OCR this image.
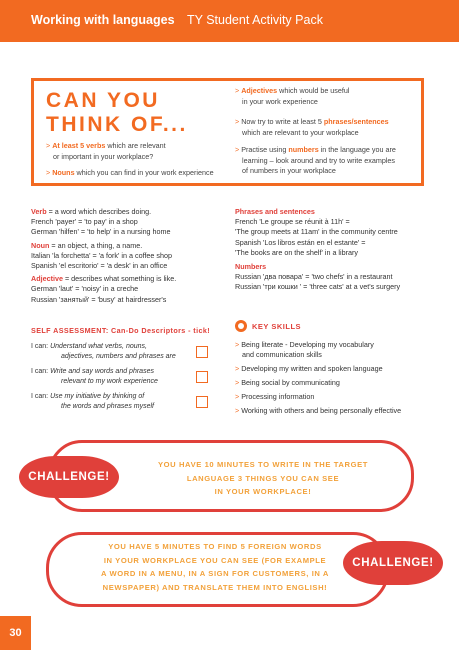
Working with languages TY Student Activity Pack
CAN YOU
THINK OF...
> At least 5 verbs which are relevant
or important in your workplace?
> Nouns which you can find in your work experience
> Adjectives which would be useful
in your work experience
> Now try to write at least 5 phrases/sentences
which are relevant to your workplace
> Practise using numbers in the language you are
learning – look around and try to write examples
of numbers in your workplace
Verb = a word which describes doing.
French 'payer' = 'to pay' in a shop
German 'hilfen' = 'to help' in a nursing home
Noun = an object, a thing, a name.
Italian 'la forchetta' = 'a fork' in a coffee shop
Spanish 'el escritorio' = 'a desk' in an office
Adjective = describes what something is like.
German 'laut' = 'noisy' in a creche
Russian 'занятый' = 'busy' at hairdresser's
Phrases and sentences
French 'Le groupe se réunit à 11h' =
'The group meets at 11am' in the community centre
Spanish 'Los libros están en el estante' =
'The books are on the shelf' in a library
Numbers
Russian 'два повара' = 'two chefs' in a restaurant
Russian 'три кошки ' = 'three cats' at a vet's surgery
SELF ASSESSMENT: Can-Do Descriptors - tick!
I can: Understand what verbs, nouns,
adjectives, numbers and phrases are
I can: Write and say words and phrases
relevant to my work experience
I can: Use my initiative by thinking of
the words and phrases myself
KEY SKILLS
> Being literate - Developing my vocabulary
and communication skills
> Developing my written and spoken language
> Being social by communicating
> Processing information
> Working with others and being personally effective
YOU HAVE 10 MINUTES TO WRITE IN THE TARGET
LANGUAGE 3 THINGS YOU CAN SEE
IN YOUR WORKPLACE!
CHALLENGE!
YOU HAVE 5 MINUTES TO FIND 5 FOREIGN WORDS
IN YOUR WORKPLACE YOU CAN SEE (FOR EXAMPLE
A WORD IN A MENU, IN A SIGN FOR CUSTOMERS, IN A
NEWSPAPER) AND TRANSLATE THEM INTO ENGLISH!
CHALLENGE!
30
